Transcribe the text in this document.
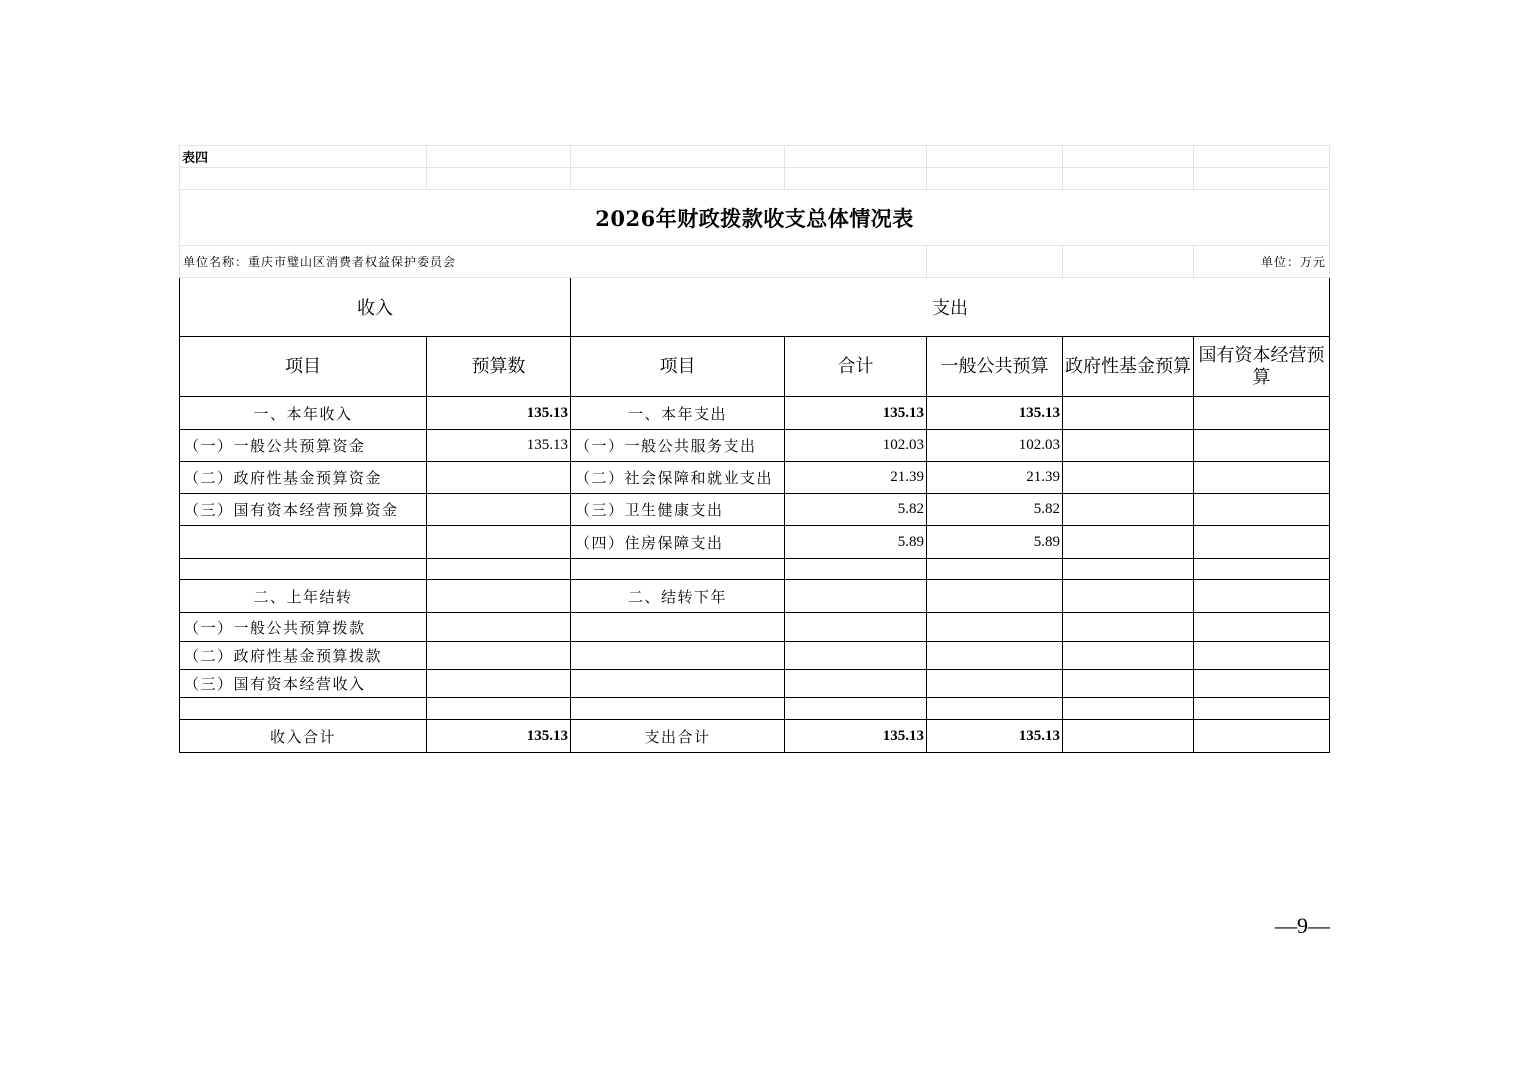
表四						

2026年财政拨款收支总体情况表						
单位名称：重庆市璧山区消费者权益保护委员会						单位：万元
收入		支出				
项目	预算数	项目	合计	一般公共预算	政府性基金预算	国有资本经营预算
一、本年收入	135.13	一、本年支出	135.13	135.13		
（一）一般公共预算资金	135.13	（一）一般公共服务支出	102.03	102.03		
（二）政府性基金预算资金		（二）社会保障和就业支出	21.39	21.39		
（三）国有资本经营预算资金		（三）卫生健康支出	5.82	5.82		
		（四）住房保障支出	5.89	5.89		

二、上年结转		二、结转下年				
（一）一般公共预算拨款						
（二）政府性基金预算拨款						
（三）国有资本经营收入						

收入合计	135.13	支出合计	135.13	135.13		
—9—
